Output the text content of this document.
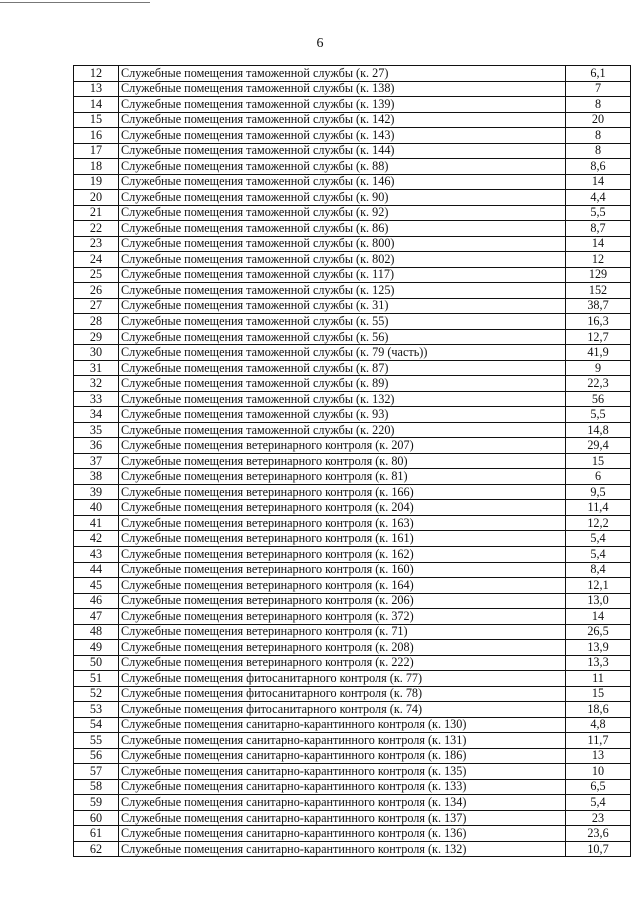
6
12	Служебные помещения таможенной службы (к. 27)	6,1
13	Служебные помещения таможенной службы (к. 138)	7
14	Служебные помещения таможенной службы (к. 139)	8
15	Служебные помещения таможенной службы (к. 142)	20
16	Служебные помещения таможенной службы (к. 143)	8
17	Служебные помещения таможенной службы (к. 144)	8
18	Служебные помещения таможенной службы (к. 88)	8,6
19	Служебные помещения таможенной службы (к. 146)	14
20	Служебные помещения таможенной службы (к. 90)	4,4
21	Служебные помещения таможенной службы (к. 92)	5,5
22	Служебные помещения таможенной службы (к. 86)	8,7
23	Служебные помещения таможенной службы (к. 800)	14
24	Служебные помещения таможенной службы (к. 802)	12
25	Служебные помещения таможенной службы (к. 117)	129
26	Служебные помещения таможенной службы (к. 125)	152
27	Служебные помещения таможенной службы (к. 31)	38,7
28	Служебные помещения таможенной службы (к. 55)	16,3
29	Служебные помещения таможенной службы (к. 56)	12,7
30	Служебные помещения таможенной службы (к. 79 (часть))	41,9
31	Служебные помещения таможенной службы (к. 87)	9
32	Служебные помещения таможенной службы (к. 89)	22,3
33	Служебные помещения таможенной службы (к. 132)	56
34	Служебные помещения таможенной службы (к. 93)	5,5
35	Служебные помещения таможенной службы (к. 220)	14,8
36	Служебные помещения ветеринарного контроля (к. 207)	29,4
37	Служебные помещения ветеринарного контроля (к. 80)	15
38	Служебные помещения ветеринарного контроля (к. 81)	6
39	Служебные помещения ветеринарного контроля (к. 166)	9,5
40	Служебные помещения ветеринарного контроля (к. 204)	11,4
41	Служебные помещения ветеринарного контроля (к. 163)	12,2
42	Служебные помещения ветеринарного контроля (к. 161)	5,4
43	Служебные помещения ветеринарного контроля (к. 162)	5,4
44	Служебные помещения ветеринарного контроля (к. 160)	8,4
45	Служебные помещения ветеринарного контроля (к. 164)	12,1
46	Служебные помещения ветеринарного контроля (к. 206)	13,0
47	Служебные помещения ветеринарного контроля (к. 372)	14
48	Служебные помещения ветеринарного контроля (к. 71)	26,5
49	Служебные помещения ветеринарного контроля (к. 208)	13,9
50	Служебные помещения ветеринарного контроля (к. 222)	13,3
51	Служебные помещения фитосанитарного контроля (к. 77)	11
52	Служебные помещения фитосанитарного контроля (к. 78)	15
53	Служебные помещения фитосанитарного контроля (к. 74)	18,6
54	Служебные помещения санитарно-карантинного контроля (к. 130)	4,8
55	Служебные помещения санитарно-карантинного контроля (к. 131)	11,7
56	Служебные помещения санитарно-карантинного контроля (к. 186)	13
57	Служебные помещения санитарно-карантинного контроля (к. 135)	10
58	Служебные помещения санитарно-карантинного контроля (к. 133)	6,5
59	Служебные помещения санитарно-карантинного контроля (к. 134)	5,4
60	Служебные помещения санитарно-карантинного контроля (к. 137)	23
61	Служебные помещения санитарно-карантинного контроля (к. 136)	23,6
62	Служебные помещения санитарно-карантинного контроля (к. 132)	10,7
